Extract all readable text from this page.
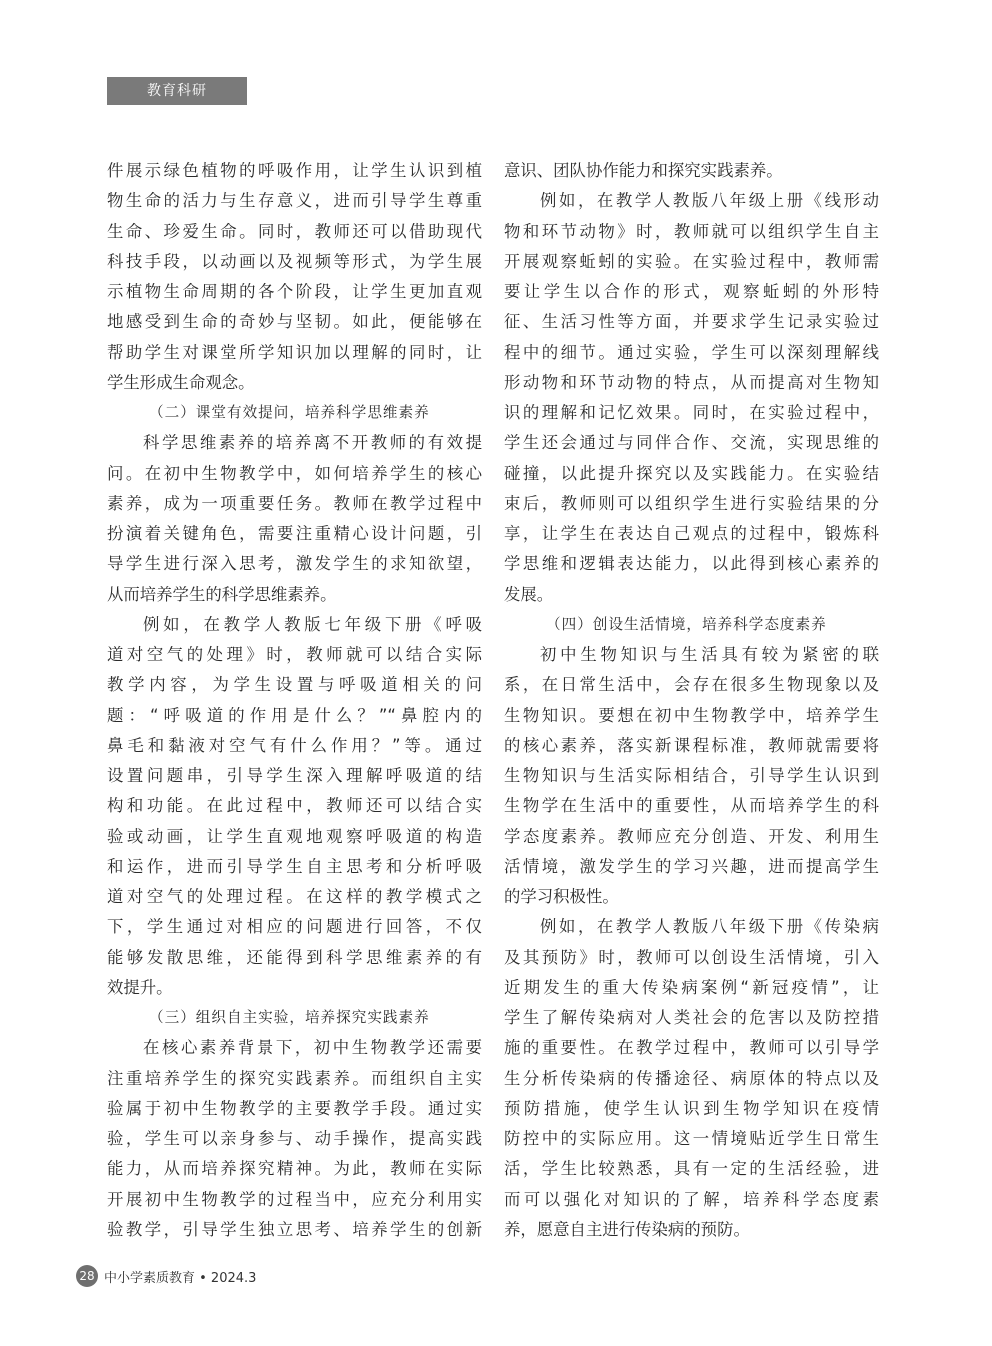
教育科研
件展示绿色植物的呼吸作用，让学生认识到植
物生命的活力与生存意义，进而引导学生尊重
生命、珍爱生命。同时，教师还可以借助现代
科技手段，以动画以及视频等形式，为学生展
示植物生命周期的各个阶段，让学生更加直观
地感受到生命的奇妙与坚韧。如此，便能够在
帮助学生对课堂所学知识加以理解的同时，让
学生形成生命观念。
（二）课堂有效提问，培养科学思维素养
科学思维素养的培养离不开教师的有效提
问。在初中生物教学中，如何培养学生的核心
素养，成为一项重要任务。教师在教学过程中
扮演着关键角色，需要注重精心设计问题，引
导学生进行深入思考，激发学生的求知欲望，
从而培养学生的科学思维素养。
例如，在教学人教版七年级下册《呼吸
道对空气的处理》时，教师就可以结合实际
教学内容，为学生设置与呼吸道相关的问
题：“呼吸道的作用是什么？”“鼻腔内的
鼻毛和黏液对空气有什么作用？”等。通过
设置问题串，引导学生深入理解呼吸道的结
构和功能。在此过程中，教师还可以结合实
验或动画，让学生直观地观察呼吸道的构造
和运作，进而引导学生自主思考和分析呼吸
道对空气的处理过程。在这样的教学模式之
下，学生通过对相应的问题进行回答，不仅
能够发散思维，还能得到科学思维素养的有
效提升。
（三）组织自主实验，培养探究实践素养
在核心素养背景下，初中生物教学还需要
注重培养学生的探究实践素养。而组织自主实
验属于初中生物教学的主要教学手段。通过实
验，学生可以亲身参与、动手操作，提高实践
能力，从而培养探究精神。为此，教师在实际
开展初中生物教学的过程当中，应充分利用实
验教学，引导学生独立思考、培养学生的创新
意识、团队协作能力和探究实践素养。
例如，在教学人教版八年级上册《线形动
物和环节动物》时，教师就可以组织学生自主
开展观察蚯蚓的实验。在实验过程中，教师需
要让学生以合作的形式，观察蚯蚓的外形特
征、生活习性等方面，并要求学生记录实验过
程中的细节。通过实验，学生可以深刻理解线
形动物和环节动物的特点，从而提高对生物知
识的理解和记忆效果。同时，在实验过程中，
学生还会通过与同伴合作、交流，实现思维的
碰撞，以此提升探究以及实践能力。在实验结
束后，教师则可以组织学生进行实验结果的分
享，让学生在表达自己观点的过程中，锻炼科
学思维和逻辑表达能力，以此得到核心素养的
发展。
（四）创设生活情境，培养科学态度素养
初中生物知识与生活具有较为紧密的联
系，在日常生活中，会存在很多生物现象以及
生物知识。要想在初中生物教学中，培养学生
的核心素养，落实新课程标准，教师就需要将
生物知识与生活实际相结合，引导学生认识到
生物学在生活中的重要性，从而培养学生的科
学态度素养。教师应充分创造、开发、利用生
活情境，激发学生的学习兴趣，进而提高学生
的学习积极性。
例如，在教学人教版八年级下册《传染病
及其预防》时，教师可以创设生活情境，引入
近期发生的重大传染病案例“新冠疫情”，让
学生了解传染病对人类社会的危害以及防控措
施的重要性。在教学过程中，教师可以引导学
生分析传染病的传播途径、病原体的特点以及
预防措施，使学生认识到生物学知识在疫情
防控中的实际应用。这一情境贴近学生日常生
活，学生比较熟悉，具有一定的生活经验，进
而可以强化对知识的了解，培养科学态度素
养，愿意自主进行传染病的预防。
28 中小学素质教育 • 2024.3
